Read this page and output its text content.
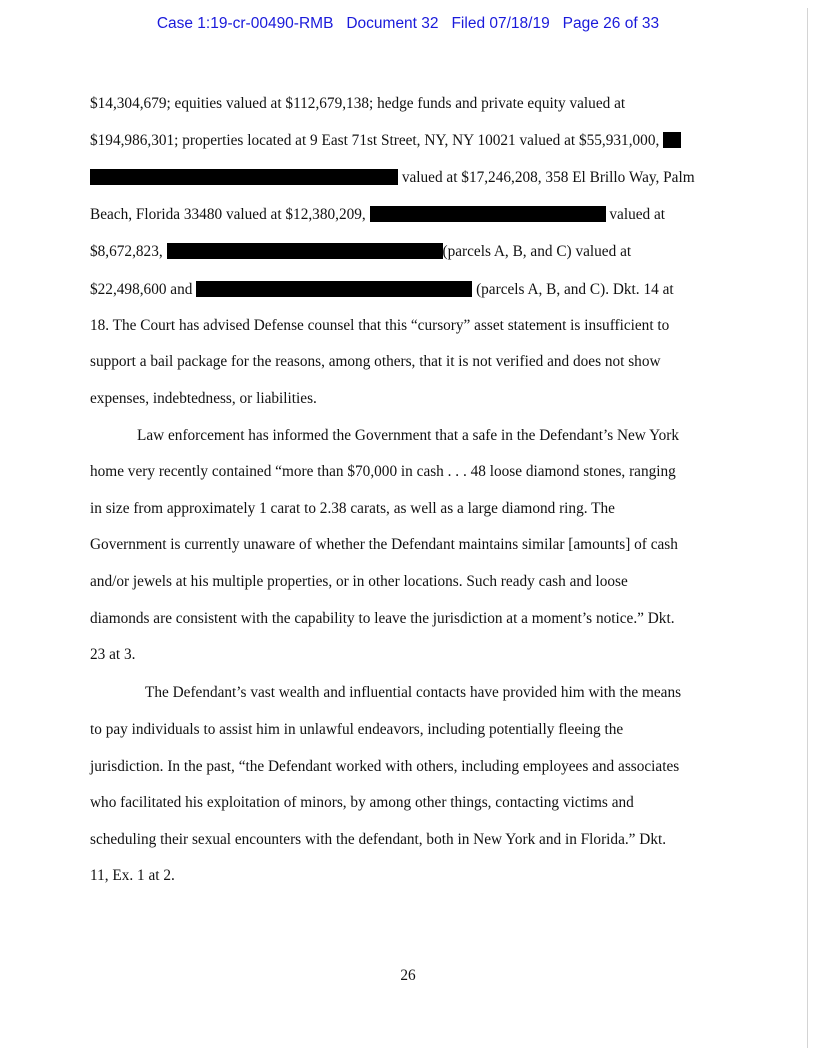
Case 1:19-cr-00490-RMB Document 32 Filed 07/18/19 Page 26 of 33
$14,304,679; equities valued at $112,679,138; hedge funds and private equity valued at
$194,986,301; properties located at 9 East 71st Street, NY, NY 10021 valued at $55,931,000,
valued at $17,246,208, 358 El Brillo Way, Palm
Beach, Florida 33480 valued at $12,380,209,	valued at
$8,672,823,	(parcels A, B, and C) valued at
$22,498,600 and	(parcels A, B, and C). Dkt. 14 at
18. The Court has advised Defense counsel that this “cursory” asset statement is insufficient to
support a bail package for the reasons, among others, that it is not verified and does not show
expenses, indebtedness, or liabilities.
Law enforcement has informed the Government that a safe in the Defendant’s New York
home very recently contained “more than $70,000 in cash . . . 48 loose diamond stones, ranging
in size from approximately 1 carat to 2.38 carats, as well as a large diamond ring. The
Government is currently unaware of whether the Defendant maintains similar [amounts] of cash
and/or jewels at his multiple properties, or in other locations. Such ready cash and loose
diamonds are consistent with the capability to leave the jurisdiction at a moment’s notice.” Dkt.
23 at 3.
The Defendant’s vast wealth and influential contacts have provided him with the means
to pay individuals to assist him in unlawful endeavors, including potentially fleeing the
jurisdiction. In the past, “the Defendant worked with others, including employees and associates
who facilitated his exploitation of minors, by among other things, contacting victims and
scheduling their sexual encounters with the defendant, both in New York and in Florida.” Dkt.
11, Ex. 1 at 2.
26
